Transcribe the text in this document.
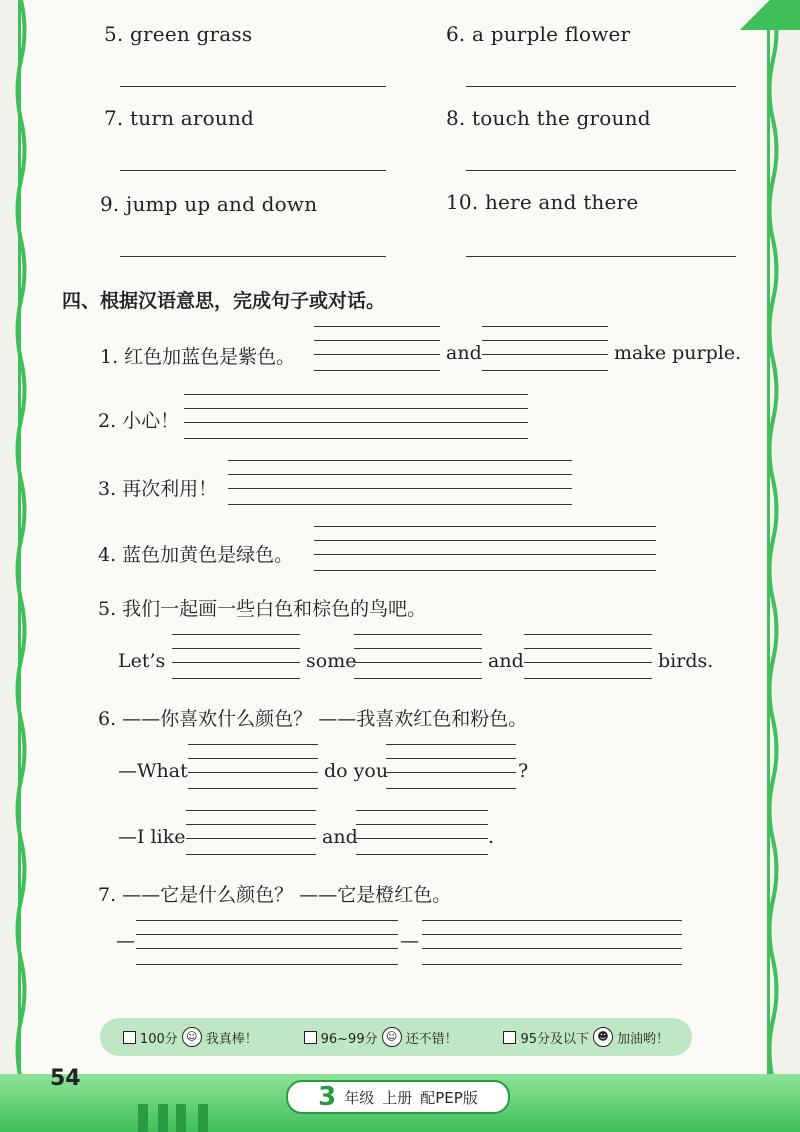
5. green grass	6. a purple flower
7. turn around	8. touch the ground
9. jump up and down	10. here and there
四、根据汉语意思，完成句子或对话。
1. 红色加蓝色是紫色。	and	make purple.
2. 小心！
3. 再次利用！
4. 蓝色加黄色是绿色。
5. 我们一起画一些白色和棕色的鸟吧。
Let’s	some	and	birds.
6. ——你喜欢什么颜色？ ——我喜欢红色和粉色。
—What	do you	?
—I like	and	.
7. ——它是什么颜色？ ——它是橙红色。
—	—
100分 ☺ 我真棒！	96~99分 ☺ 还不错！	95分及以下 ☻ 加油哟！
54
3 年级 上册 配PEP版
